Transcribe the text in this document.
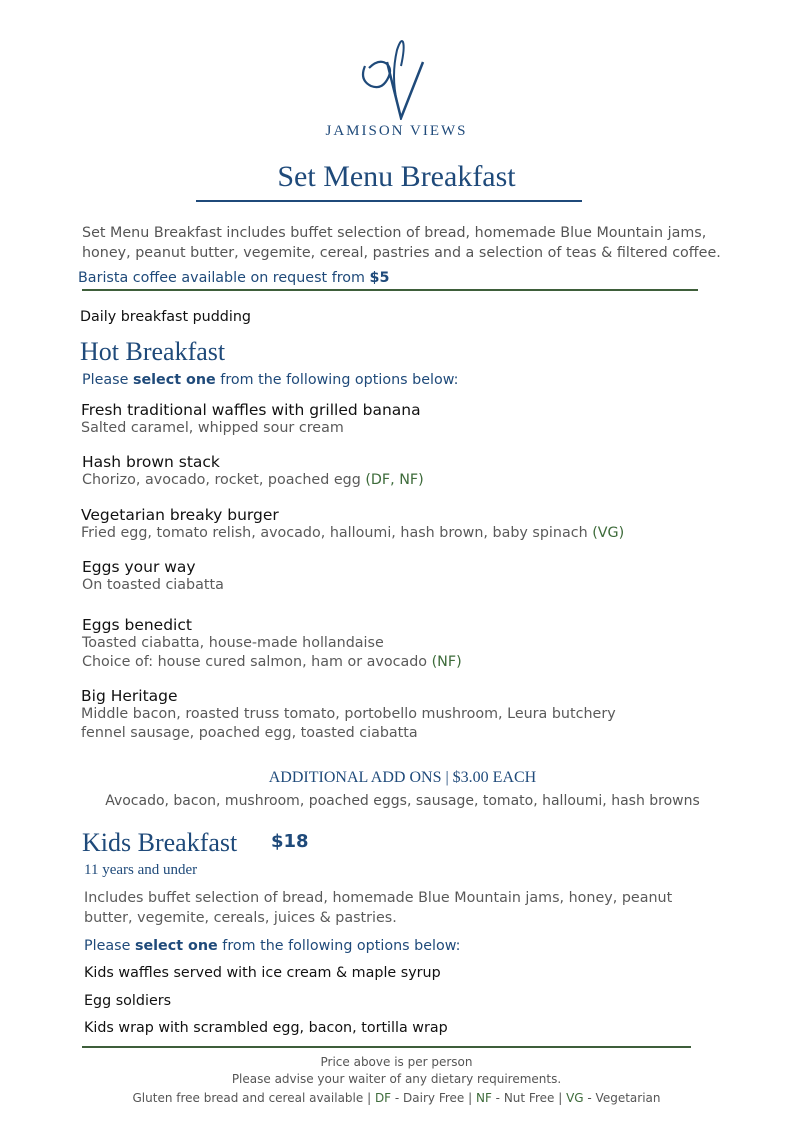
JAMISON VIEWS
Set Menu Breakfast
Set Menu Breakfast includes buffet selection of bread, homemade Blue Mountain jams, honey, peanut butter, vegemite, cereal, pastries and a selection of teas & filtered coffee.
Barista coffee available on request from $5
Daily breakfast pudding
Hot Breakfast
Please select one from the following options below:
Fresh traditional waffles with grilled banana
Salted caramel, whipped sour cream
Hash brown stack
Chorizo, avocado, rocket, poached egg (DF, NF)
Vegetarian breaky burger
Fried egg, tomato relish, avocado, halloumi, hash brown, baby spinach (VG)
Eggs your way
On toasted ciabatta
Eggs benedict
Toasted ciabatta, house-made hollandaise
Choice of: house cured salmon, ham or avocado (NF)
Big Heritage
Middle bacon, roasted truss tomato, portobello mushroom, Leura butchery
fennel sausage, poached egg, toasted ciabatta
ADDITIONAL ADD ONS | $3.00 EACH
Avocado, bacon, mushroom, poached eggs, sausage, tomato, halloumi, hash browns
Kids Breakfast $18
11 years and under
Includes buffet selection of bread, homemade Blue Mountain jams, honey, peanut butter, vegemite, cereals, juices & pastries.
Please select one from the following options below:
Kids waffles served with ice cream & maple syrup
Egg soldiers
Kids wrap with scrambled egg, bacon, tortilla wrap
Price above is per person
Please advise your waiter of any dietary requirements.
Gluten free bread and cereal available | DF - Dairy Free | NF - Nut Free | VG - Vegetarian
